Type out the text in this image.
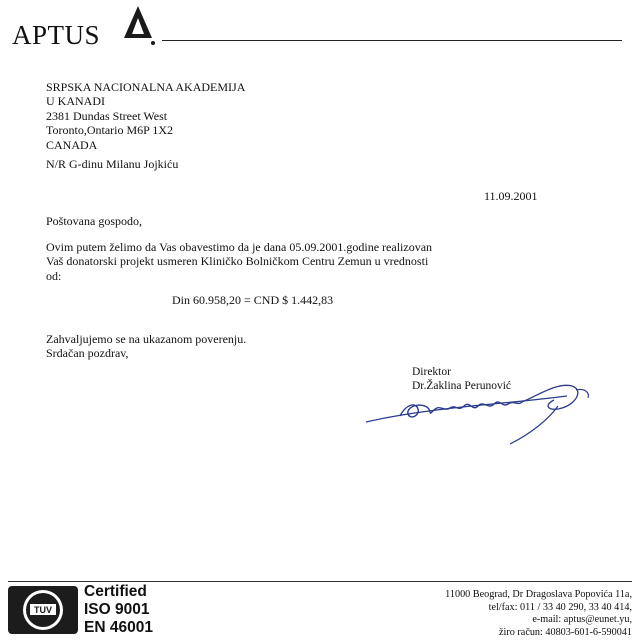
APTUS
SRPSKA NACIONALNA AKADEMIJA
U KANADI
2381 Dundas Street West
Toronto,Ontario M6P 1X2
CANADA
N/R G-dinu Milanu Jojkiću
11.09.2001
Poštovana gospodo,
Ovim putem želimo da Vas obavestimo da je dana 05.09.2001.godine realizovan
Vaš donatorski projekt usmeren Kliničko Bolničkom Centru Zemun u vrednosti
od:
Din 60.958,20 = CND $ 1.442,83
Zahvaljujemo se na ukazanom poverenju.
Srdačan pozdrav,
Direktor
Dr.Žaklina Perunović
TUV
Certified
ISO 9001
EN 46001
11000 Beograd, Dr Dragoslava Popovića 11a,
tel/fax: 011 / 33 40 290, 33 40 414,
e-mail: aptus@eunet.yu,
žiro račun: 40803-601-6-590041
